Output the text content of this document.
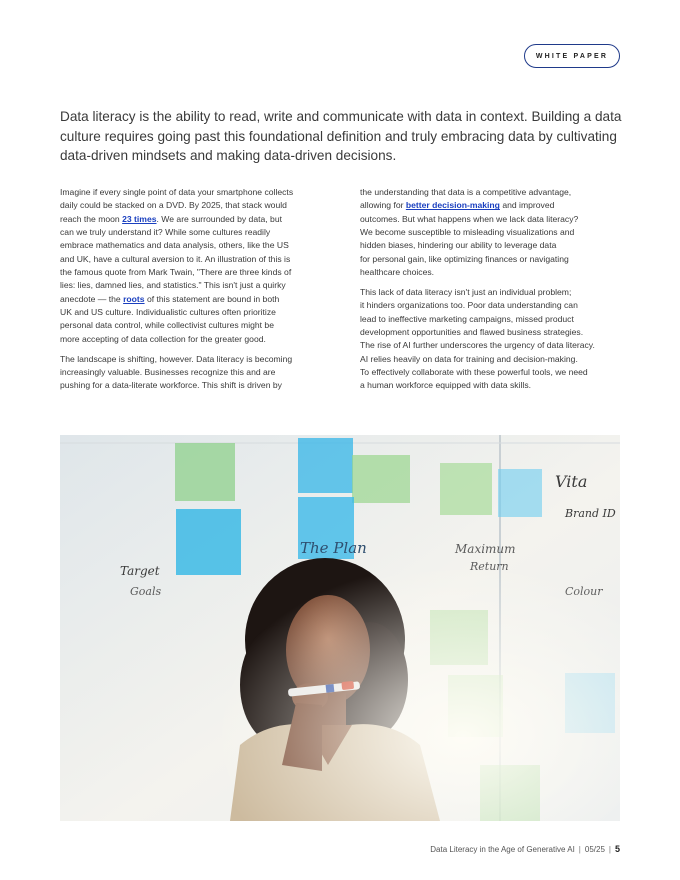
WHITE PAPER

Data literacy is the ability to read, write and communicate with data in context. Building a data culture requires going past this foundational definition and truly embracing data by cultivating data-driven mindsets and making data-driven decisions.

Imagine if every single point of data your smartphone collects
daily could be stacked on a DVD. By 2025, that stack would
reach the moon 23 times. We are surrounded by data, but
can we truly understand it? While some cultures readily
embrace mathematics and data analysis, others, like the US
and UK, have a cultural aversion to it. An illustration of this is
the famous quote from Mark Twain, "There are three kinds of
lies: lies, damned lies, and statistics." This isn't just a quirky
anecdote — the roots of this statement are bound in both
UK and US culture. Individualistic cultures often prioritize
personal data control, while collectivist cultures might be
more accepting of data collection for the greater good.

The landscape is shifting, however. Data literacy is becoming
increasingly valuable. Businesses recognize this and are
pushing for a data-literate workforce. This shift is driven by

the understanding that data is a competitive advantage,
allowing for better decision-making and improved
outcomes. But what happens when we lack data literacy?
We become susceptible to misleading visualizations and
hidden biases, hindering our ability to leverage data
for personal gain, like optimizing finances or navigating
healthcare choices.

This lack of data literacy isn't just an individual problem;
it hinders organizations too. Poor data understanding can
lead to ineffective marketing campaigns, missed product
development opportunities and flawed business strategies.
The rise of AI further underscores the urgency of data literacy.
AI relies heavily on data for training and decision-making.
To effectively collaborate with these powerful tools, we need
a human workforce equipped with data skills.

Data Literacy in the Age of Generative AI | 05/25 | 5
